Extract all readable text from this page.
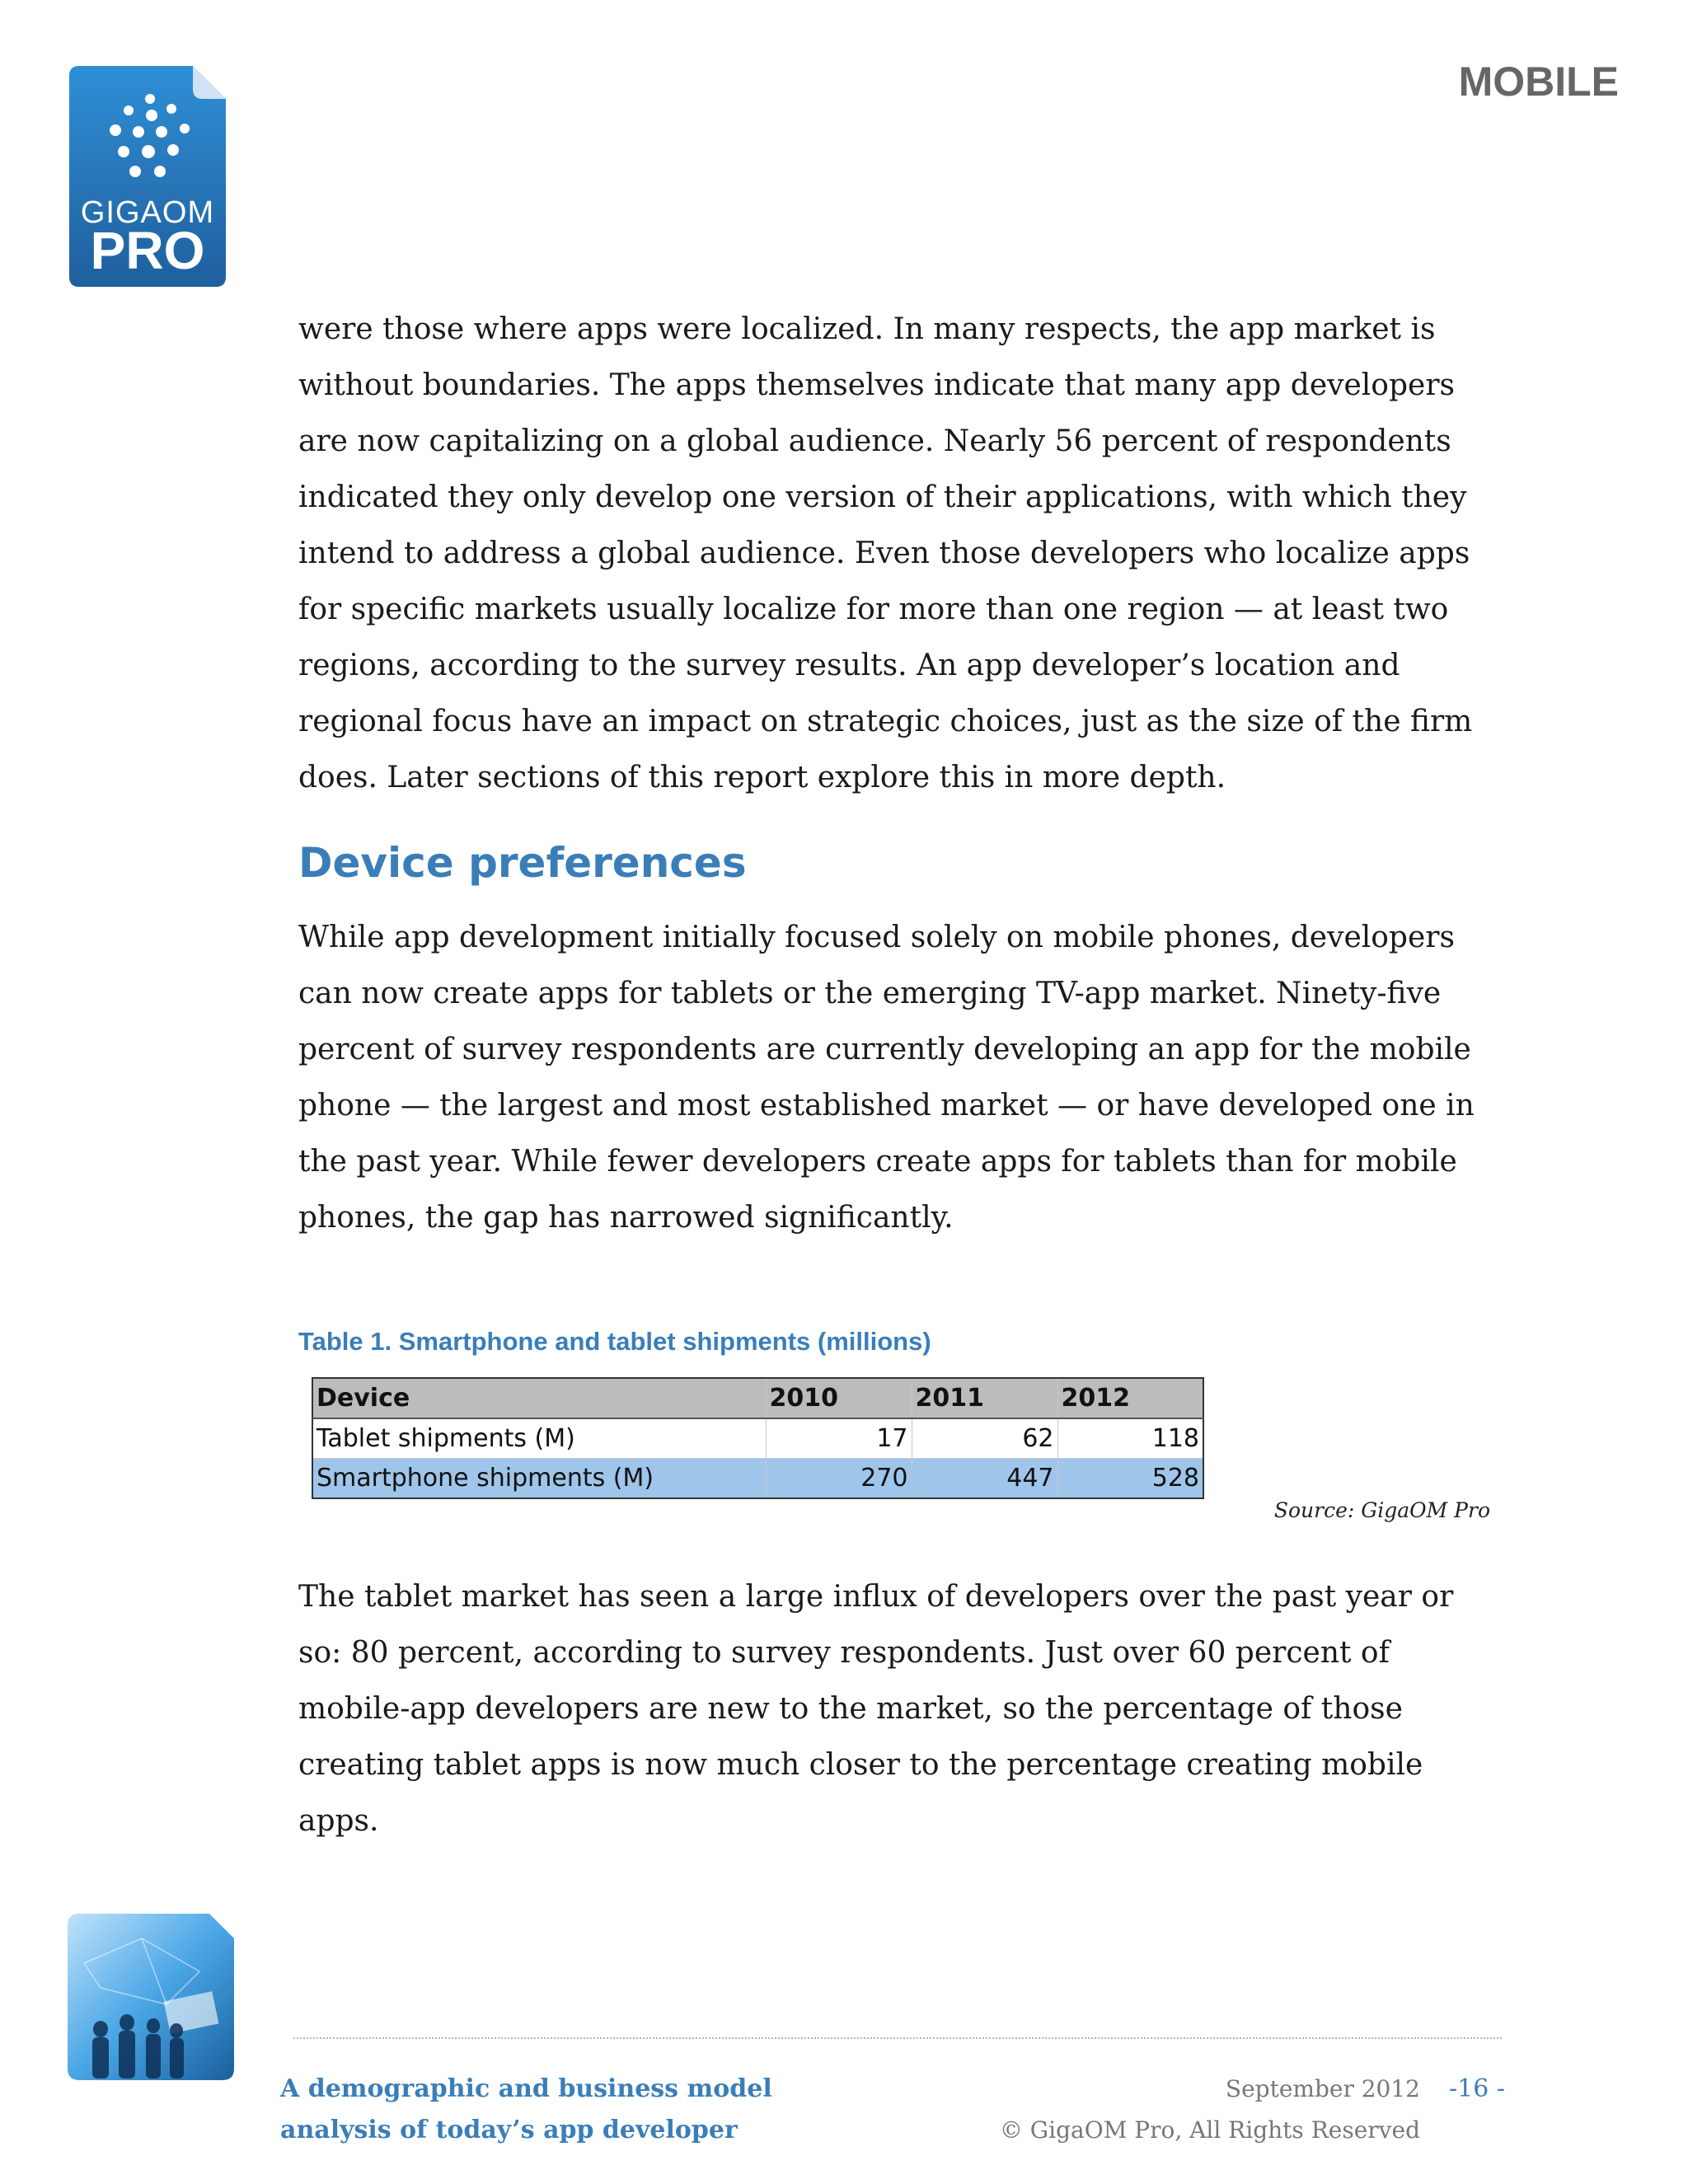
GIGAOM
PRO
MOBILE

were those where apps were localized. In many respects, the app market is without boundaries. The apps themselves indicate that many app developers are now capitalizing on a global audience. Nearly 56 percent of respondents indicated they only develop one version of their applications, with which they intend to address a global audience. Even those developers who localize apps for specific markets usually localize for more than one region — at least two regions, according to the survey results. An app developer’s location and regional focus have an impact on strategic choices, just as the size of the firm does. Later sections of this report explore this in more depth.

Device preferences

While app development initially focused solely on mobile phones, developers can now create apps for tablets or the emerging TV-app market. Ninety-five percent of survey respondents are currently developing an app for the mobile phone — the largest and most established market — or have developed one in the past year. While fewer developers create apps for tablets than for mobile phones, the gap has narrowed significantly.

Table 1. Smartphone and tablet shipments (millions)
Device	2010	2011	2012
Tablet shipments (M)	17	62	118
Smartphone shipments (M)	270	447	528
Source: GigaOM Pro

The tablet market has seen a large influx of developers over the past year or so: 80 percent, according to survey respondents. Just over 60 percent of mobile-app developers are new to the market, so the percentage of those creating tablet apps is now much closer to the percentage creating mobile apps.

A demographic and business model
analysis of today’s app developer
September 2012
© GigaOM Pro, All Rights Reserved
-16 -
